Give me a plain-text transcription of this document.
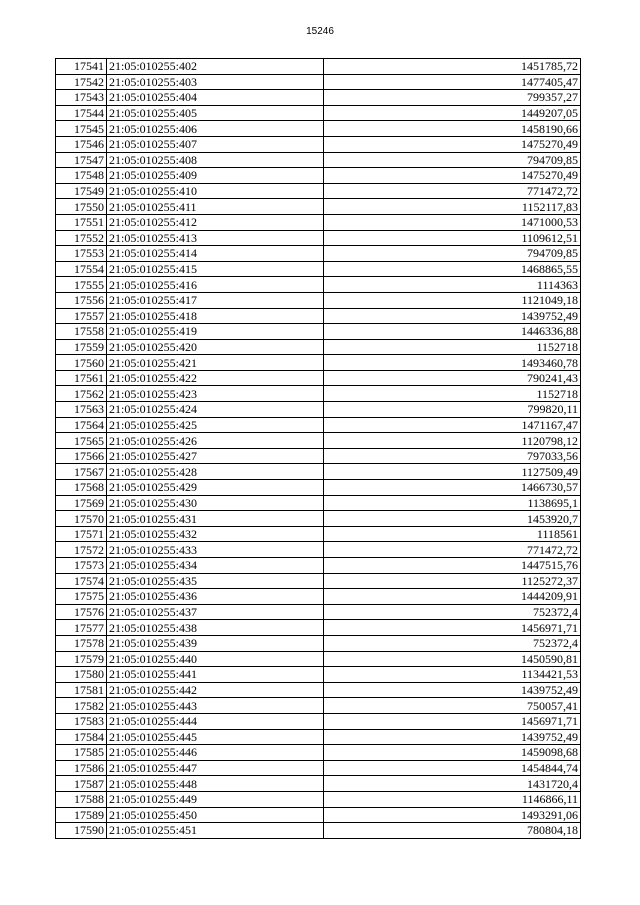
15246
17541	21:05:010255:402	1451785,72
17542	21:05:010255:403	1477405,47
17543	21:05:010255:404	799357,27
17544	21:05:010255:405	1449207,05
17545	21:05:010255:406	1458190,66
17546	21:05:010255:407	1475270,49
17547	21:05:010255:408	794709,85
17548	21:05:010255:409	1475270,49
17549	21:05:010255:410	771472,72
17550	21:05:010255:411	1152117,83
17551	21:05:010255:412	1471000,53
17552	21:05:010255:413	1109612,51
17553	21:05:010255:414	794709,85
17554	21:05:010255:415	1468865,55
17555	21:05:010255:416	1114363
17556	21:05:010255:417	1121049,18
17557	21:05:010255:418	1439752,49
17558	21:05:010255:419	1446336,88
17559	21:05:010255:420	1152718
17560	21:05:010255:421	1493460,78
17561	21:05:010255:422	790241,43
17562	21:05:010255:423	1152718
17563	21:05:010255:424	799820,11
17564	21:05:010255:425	1471167,47
17565	21:05:010255:426	1120798,12
17566	21:05:010255:427	797033,56
17567	21:05:010255:428	1127509,49
17568	21:05:010255:429	1466730,57
17569	21:05:010255:430	1138695,1
17570	21:05:010255:431	1453920,7
17571	21:05:010255:432	1118561
17572	21:05:010255:433	771472,72
17573	21:05:010255:434	1447515,76
17574	21:05:010255:435	1125272,37
17575	21:05:010255:436	1444209,91
17576	21:05:010255:437	752372,4
17577	21:05:010255:438	1456971,71
17578	21:05:010255:439	752372,4
17579	21:05:010255:440	1450590,81
17580	21:05:010255:441	1134421,53
17581	21:05:010255:442	1439752,49
17582	21:05:010255:443	750057,41
17583	21:05:010255:444	1456971,71
17584	21:05:010255:445	1439752,49
17585	21:05:010255:446	1459098,68
17586	21:05:010255:447	1454844,74
17587	21:05:010255:448	1431720,4
17588	21:05:010255:449	1146866,11
17589	21:05:010255:450	1493291,06
17590	21:05:010255:451	780804,18
